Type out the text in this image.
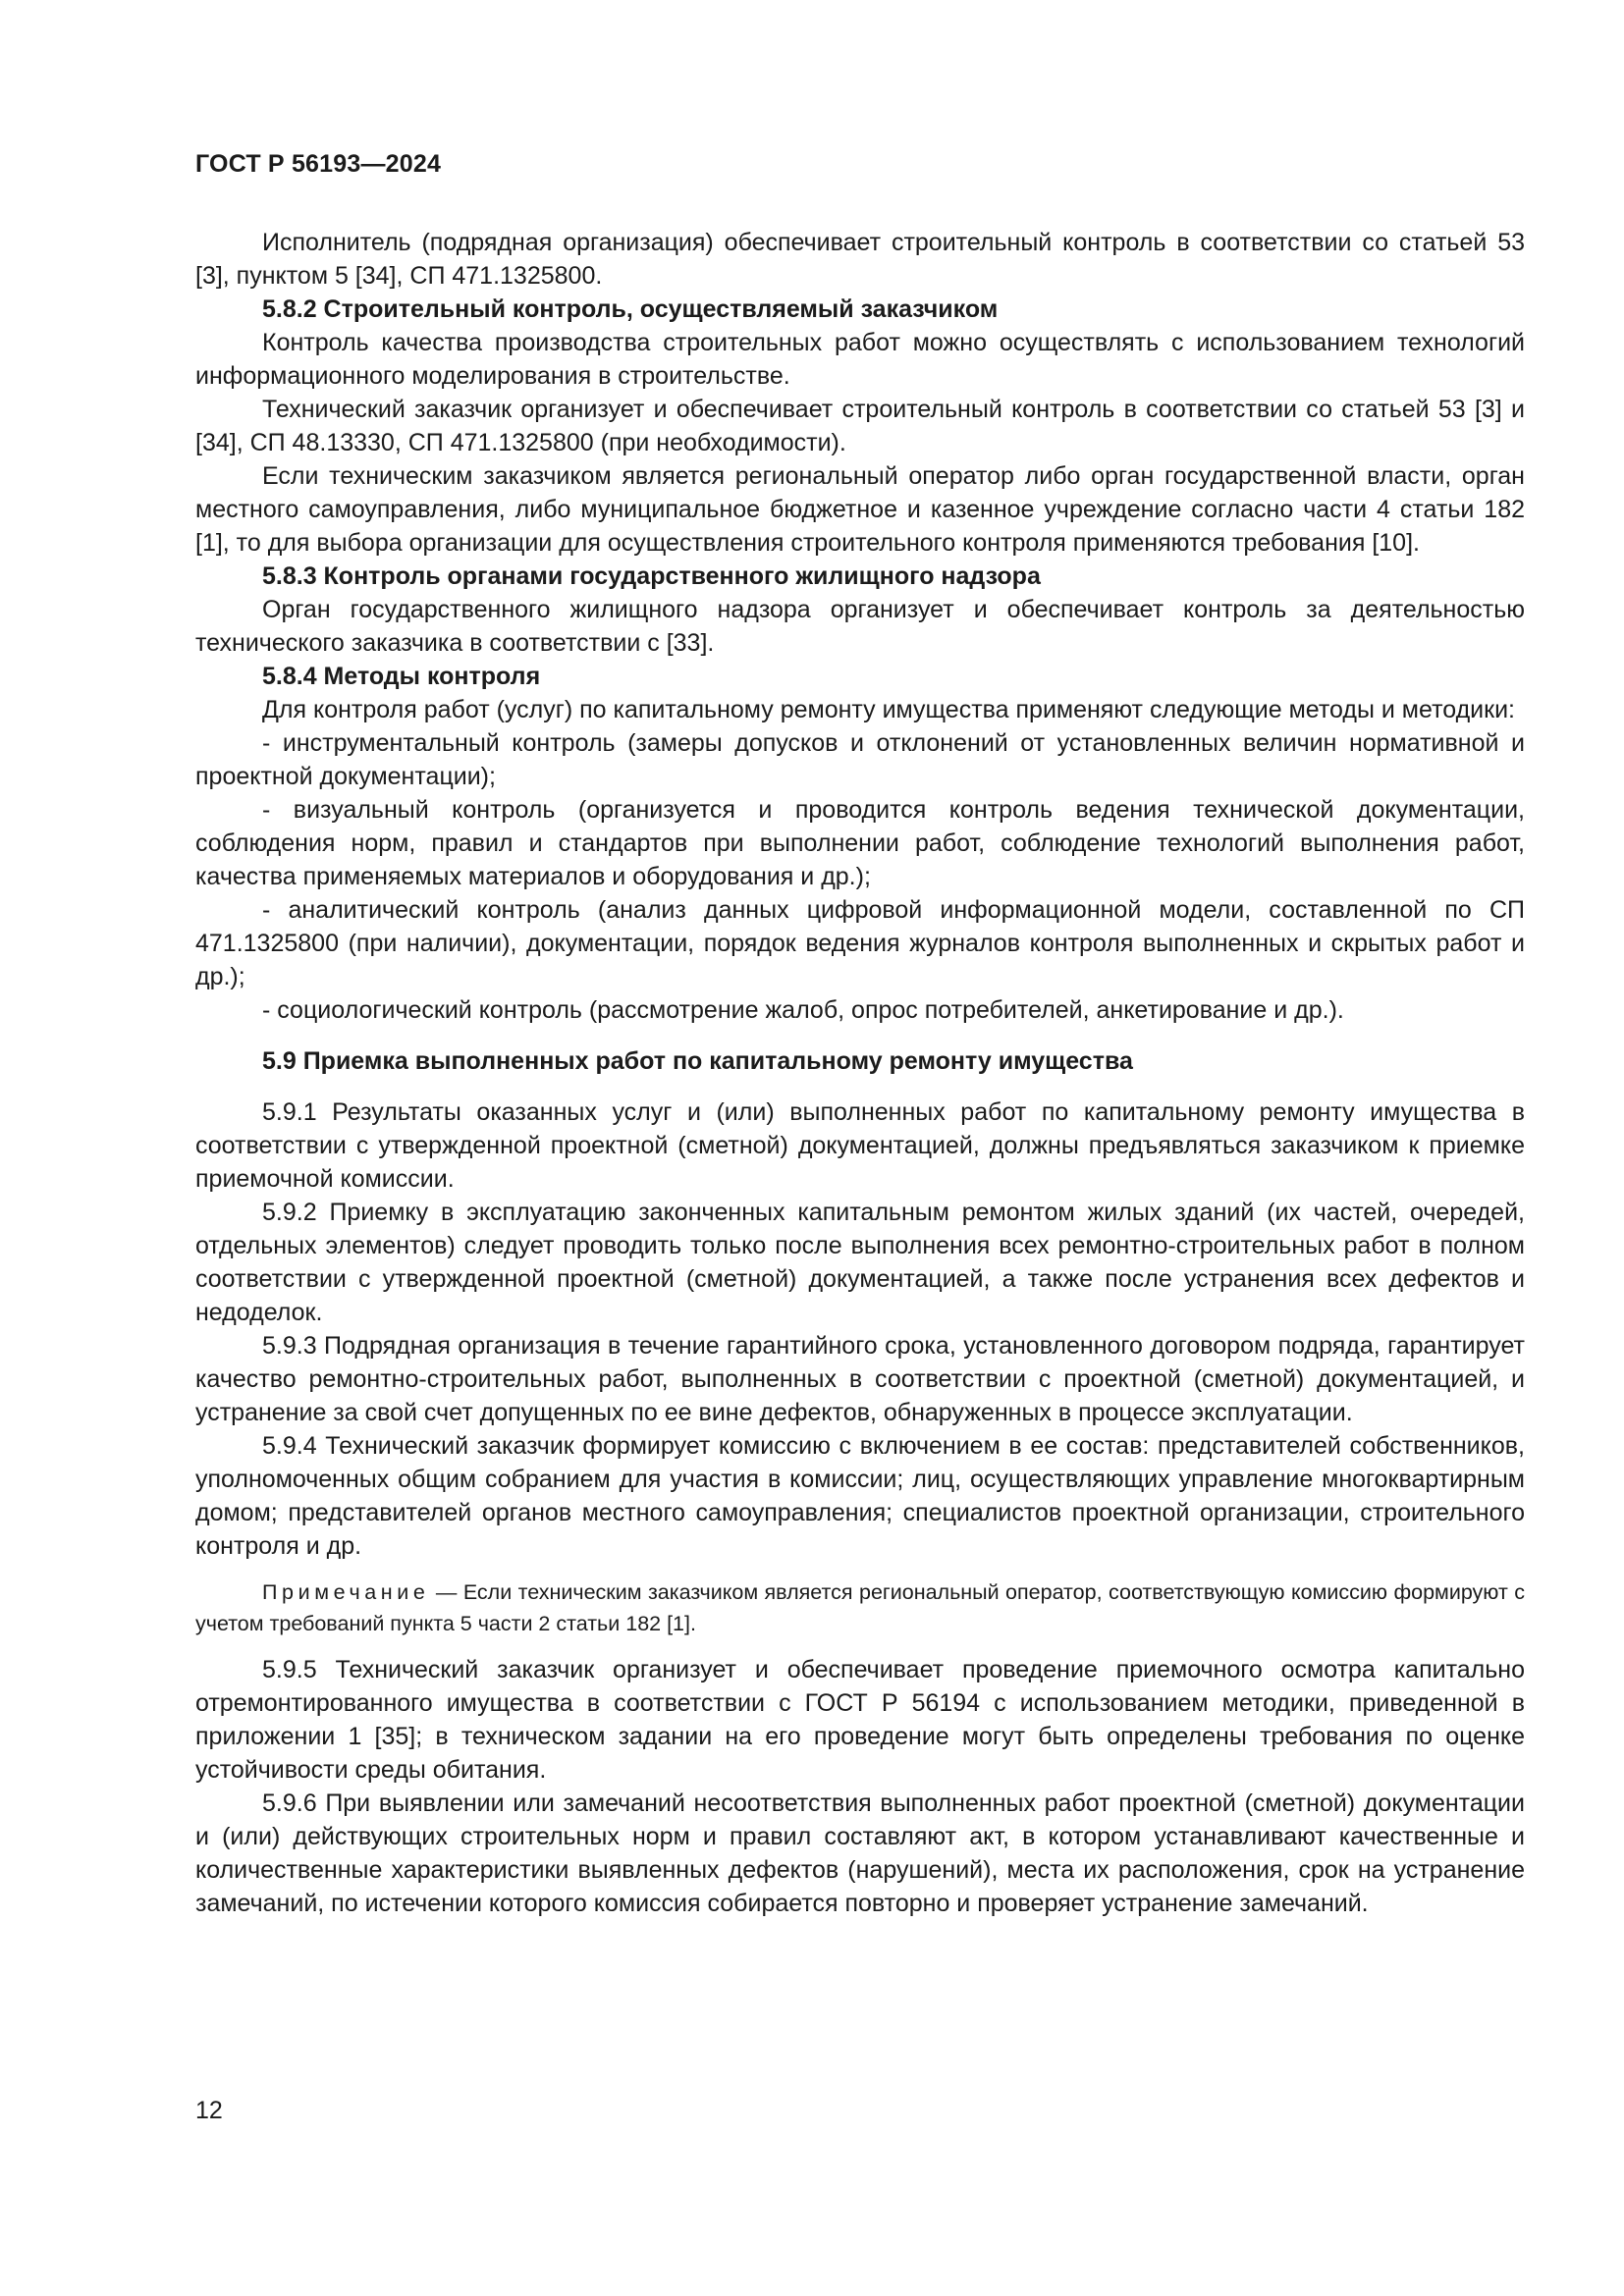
ГОСТ Р 56193—2024

Исполнитель (подрядная организация) обеспечивает строительный контроль в соответствии со статьей 53 [3], пунктом 5 [34], СП 471.1325800.

5.8.2 Строительный контроль, осуществляемый заказчиком

Контроль качества производства строительных работ можно осуществлять с использованием технологий информационного моделирования в строительстве.

Технический заказчик организует и обеспечивает строительный контроль в соответствии со статьей 53 [3] и [34], СП 48.13330, СП 471.1325800 (при необходимости).

Если техническим заказчиком является региональный оператор либо орган государственной власти, орган местного самоуправления, либо муниципальное бюджетное и казенное учреждение согласно части 4 статьи 182 [1], то для выбора организации для осуществления строительного контроля применяются требования [10].

5.8.3 Контроль органами государственного жилищного надзора

Орган государственного жилищного надзора организует и обеспечивает контроль за деятельностью технического заказчика в соответствии с [33].

5.8.4 Методы контроля

Для контроля работ (услуг) по капитальному ремонту имущества применяют следующие методы и методики:

- инструментальный контроль (замеры допусков и отклонений от установленных величин нормативной и проектной документации);

- визуальный контроль (организуется и проводится контроль ведения технической документации, соблюдения норм, правил и стандартов при выполнении работ, соблюдение технологий выполнения работ, качества применяемых материалов и оборудования и др.);

- аналитический контроль (анализ данных цифровой информационной модели, составленной по СП 471.1325800 (при наличии), документации, порядок ведения журналов контроля выполненных и скрытых работ и др.);

- социологический контроль (рассмотрение жалоб, опрос потребителей, анкетирование и др.).

5.9 Приемка выполненных работ по капитальному ремонту имущества

5.9.1 Результаты оказанных услуг и (или) выполненных работ по капитальному ремонту имущества в соответствии с утвержденной проектной (сметной) документацией, должны предъявляться заказчиком к приемке приемочной комиссии.

5.9.2 Приемку в эксплуатацию законченных капитальным ремонтом жилых зданий (их частей, очередей, отдельных элементов) следует проводить только после выполнения всех ремонтно-строительных работ в полном соответствии с утвержденной проектной (сметной) документацией, а также после устранения всех дефектов и недоделок.

5.9.3 Подрядная организация в течение гарантийного срока, установленного договором подряда, гарантирует качество ремонтно-строительных работ, выполненных в соответствии с проектной (сметной) документацией, и устранение за свой счет допущенных по ее вине дефектов, обнаруженных в процессе эксплуатации.

5.9.4 Технический заказчик формирует комиссию с включением в ее состав: представителей собственников, уполномоченных общим собранием для участия в комиссии; лиц, осуществляющих управление многоквартирным домом; представителей органов местного самоуправления; специалистов проектной организации, строительного контроля и др.

Примечание — Если техническим заказчиком является региональный оператор, соответствующую комиссию формируют с учетом требований пункта 5 части 2 статьи 182 [1].

5.9.5 Технический заказчик организует и обеспечивает проведение приемочного осмотра капитально отремонтированного имущества в соответствии с ГОСТ Р 56194 с использованием методики, приведенной в приложении 1 [35]; в техническом задании на его проведение могут быть определены требования по оценке устойчивости среды обитания.

5.9.6 При выявлении или замечаний несоответствия выполненных работ проектной (сметной) документации и (или) действующих строительных норм и правил составляют акт, в котором устанавливают качественные и количественные характеристики выявленных дефектов (нарушений), места их расположения, срок на устранение замечаний, по истечении которого комиссия собирается повторно и проверяет устранение замечаний.

12
